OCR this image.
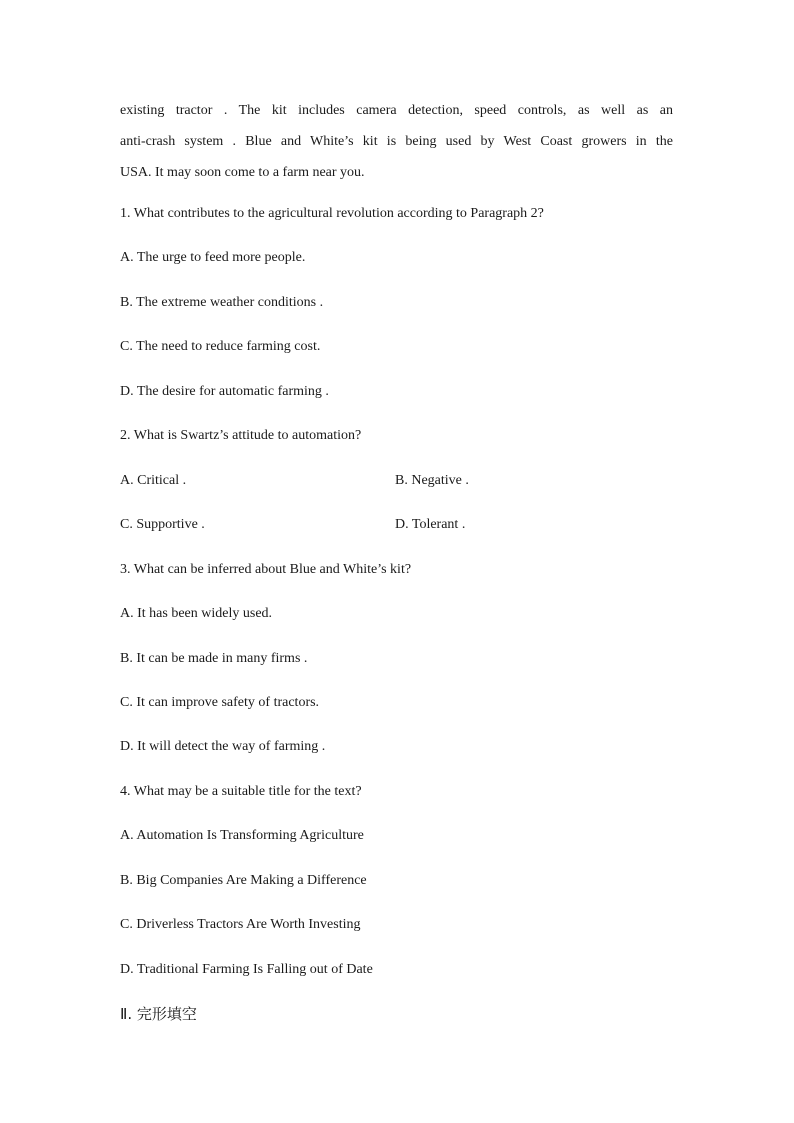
existing tractor . The kit includes camera detection, speed controls, as well as an
anti-crash system . Blue and White’s kit is being used by West Coast growers in the
USA. It may soon come to a farm near you.

1. What contributes to the agricultural revolution according to Paragraph 2?
A. The urge to feed more people.
B. The extreme weather conditions .
C. The need to reduce farming cost.
D. The desire for automatic farming .
2. What is Swartz’s attitude to automation?
A. Critical .	B. Negative .
C. Supportive .	D. Tolerant .
3. What can be inferred about Blue and White’s kit?
A. It has been widely used.
B. It can be made in many firms .
C. It can improve safety of tractors.
D. It will detect the way of farming .
4. What may be a suitable title for the text?
A. Automation Is Transforming Agriculture
B. Big Companies Are Making a Difference
C. Driverless Tractors Are Worth Investing
D. Traditional Farming Is Falling out of Date
Ⅱ. 完形填空
